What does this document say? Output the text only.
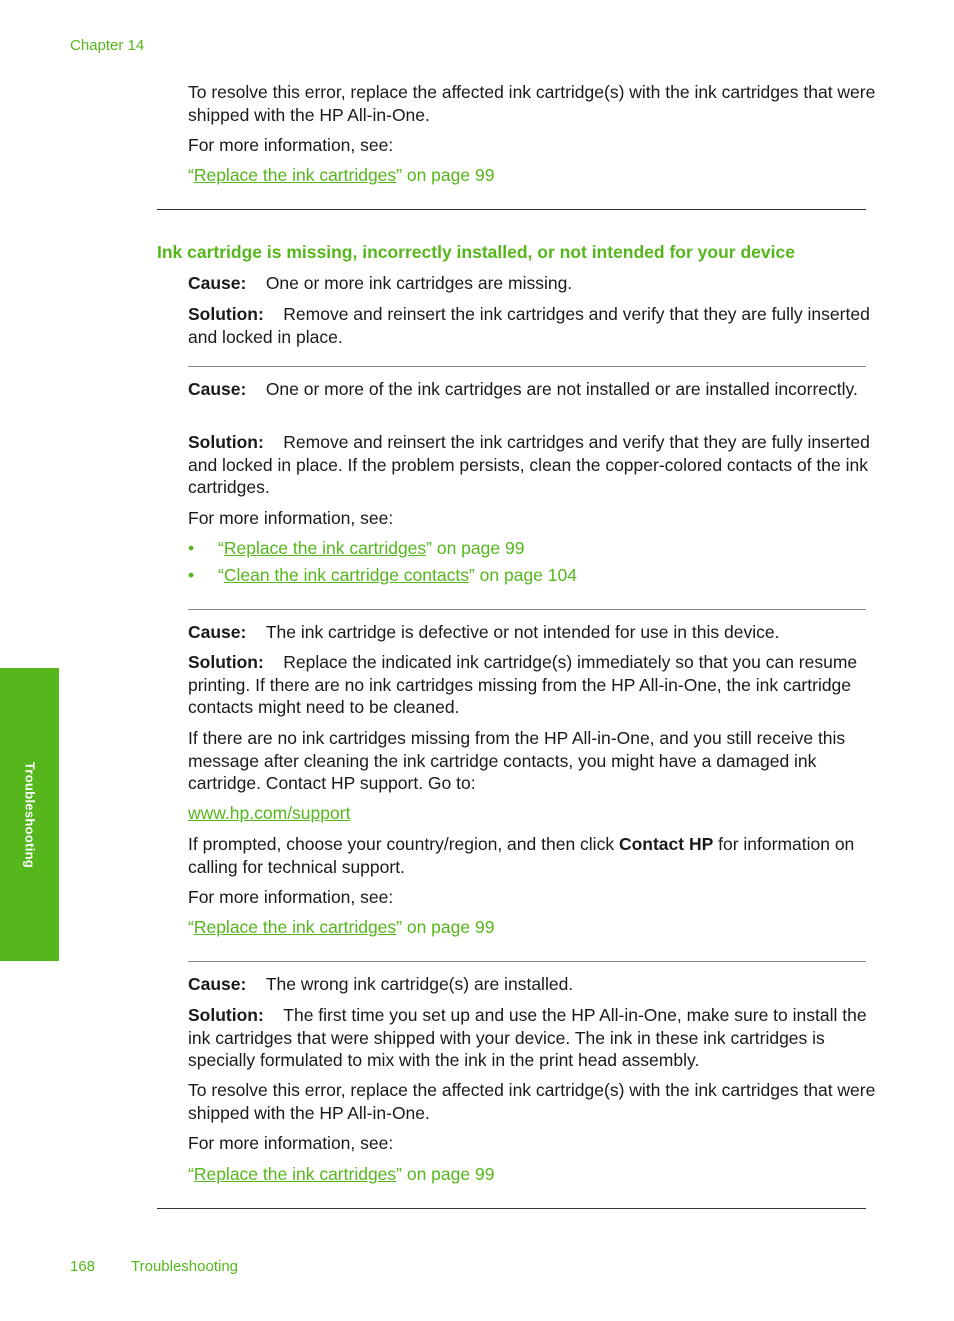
Chapter 14
Troubleshooting

To resolve this error, replace the affected ink cartridge(s) with the ink cartridges that were shipped with the HP All-in-One.

For more information, see:

“Replace the ink cartridges” on page 99

Ink cartridge is missing, incorrectly installed, or not intended for your device

Cause: One or more ink cartridges are missing.

Solution: Remove and reinsert the ink cartridges and verify that they are fully inserted and locked in place.

Cause: One or more of the ink cartridges are not installed or are installed incorrectly.

Solution: Remove and reinsert the ink cartridges and verify that they are fully inserted and locked in place. If the problem persists, clean the copper-colored contacts of the ink cartridges.

For more information, see:

• “Replace the ink cartridges” on page 99
• “Clean the ink cartridge contacts” on page 104

Cause: The ink cartridge is defective or not intended for use in this device.

Solution: Replace the indicated ink cartridge(s) immediately so that you can resume printing. If there are no ink cartridges missing from the HP All-in-One, the ink cartridge contacts might need to be cleaned.

If there are no ink cartridges missing from the HP All-in-One, and you still receive this message after cleaning the ink cartridge contacts, you might have a damaged ink cartridge. Contact HP support. Go to:

www.hp.com/support

If prompted, choose your country/region, and then click Contact HP for information on calling for technical support.

For more information, see:

“Replace the ink cartridges” on page 99

Cause: The wrong ink cartridge(s) are installed.

Solution: The first time you set up and use the HP All-in-One, make sure to install the ink cartridges that were shipped with your device. The ink in these ink cartridges is specially formulated to mix with the ink in the print head assembly.

To resolve this error, replace the affected ink cartridge(s) with the ink cartridges that were shipped with the HP All-in-One.

For more information, see:

“Replace the ink cartridges” on page 99

168 Troubleshooting
